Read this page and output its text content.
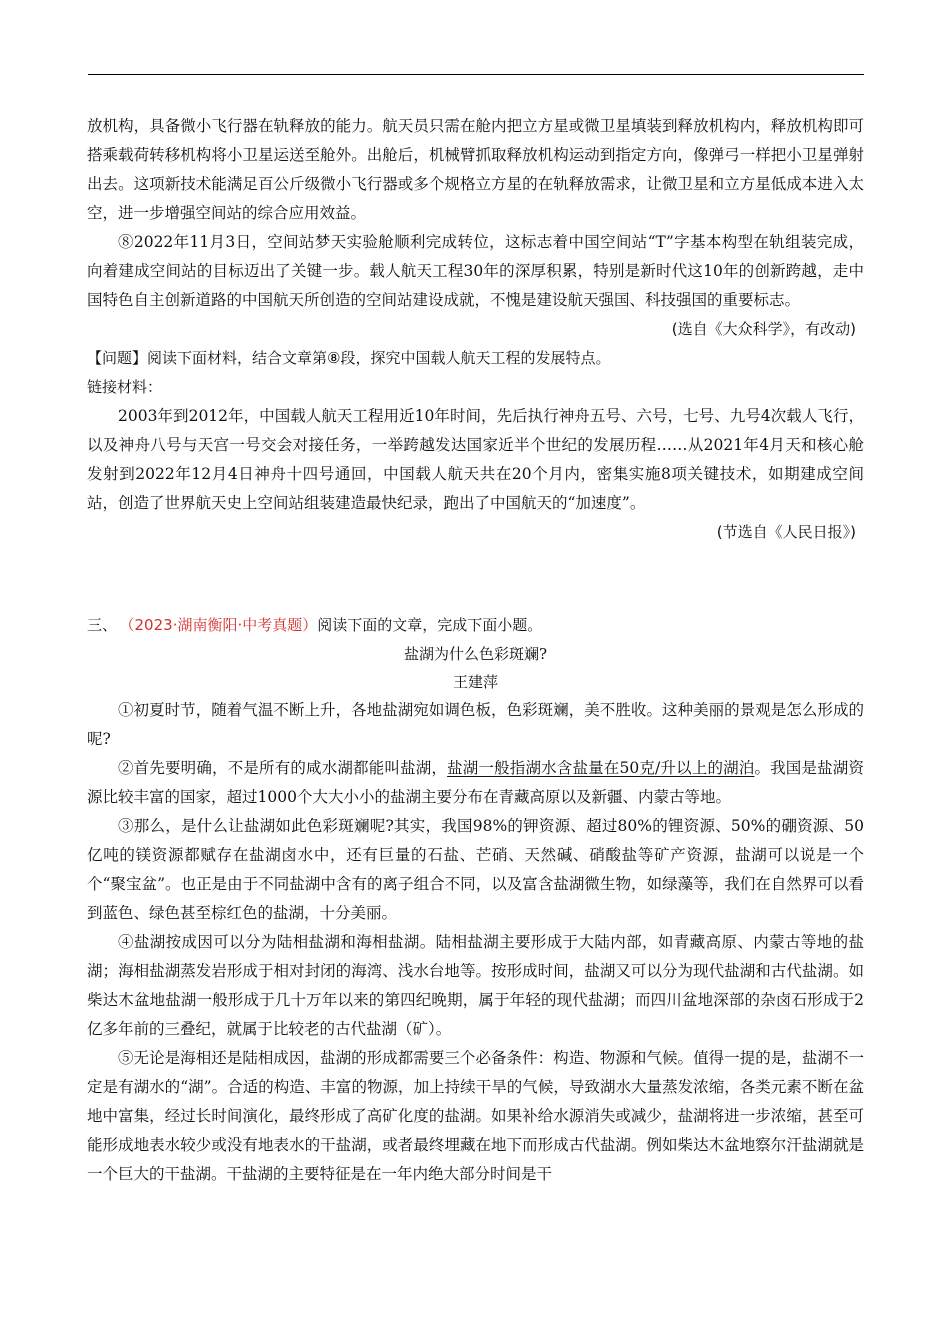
放机构，具备微小飞行器在轨释放的能力。航天员只需在舱内把立方星或微卫星填装到释放机构内，释放机构即可搭乘载荷转移机构将小卫星运送至舱外。出舱后，机械臂抓取释放机构运动到指定方向，像弹弓一样把小卫星弹射出去。这项新技术能满足百公斤级微小飞行器或多个规格立方星的在轨释放需求，让微卫星和立方星低成本进入太空，进一步增强空间站的综合应用效益。

⑧2022年11月3日，空间站梦天实验舱顺利完成转位，这标志着中国空间站“T”字基本构型在轨组装完成，向着建成空间站的目标迈出了关键一步。载人航天工程30年的深厚积累，特别是新时代这10年的创新跨越，走中国特色自主创新道路的中国航天所创造的空间站建设成就，不愧是建设航天强国、科技强国的重要标志。

(选自《大众科学》，有改动)

【问题】阅读下面材料，结合文章第⑧段，探究中国载人航天工程的发展特点。

链接材料：

2003年到2012年，中国载人航天工程用近10年时间，先后执行神舟五号、六号，七号、九号4次载人飞行，以及神舟八号与天宫一号交会对接任务，一举跨越发达国家近半个世纪的发展历程……从2021年4月天和核心舱发射到2022年12月4日神舟十四号通回，中国载人航天共在20个月内，密集实施8项关键技术，如期建成空间站，创造了世界航天史上空间站组装建造最快纪录，跑出了中国航天的“加速度”。

(节选自《人民日报》)

三、 （2023·湖南衡阳·中考真题）阅读下面的文章，完成下面小题。

盐湖为什么色彩斑斓?

王建萍

①初夏时节，随着气温不断上升，各地盐湖宛如调色板，色彩斑斓，美不胜收。这种美丽的景观是怎么形成的呢?

②首先要明确，不是所有的咸水湖都能叫盐湖，盐湖一般指湖水含盐量在50克/升以上的湖泊。我国是盐湖资源比较丰富的国家，超过1000个大大小小的盐湖主要分布在青藏高原以及新疆、内蒙古等地。

③那么，是什么让盐湖如此色彩斑斓呢?其实，我国98%的钾资源、超过80%的锂资源、50%的硼资源、50亿吨的镁资源都赋存在盐湖卤水中，还有巨量的石盐、芒硝、天然碱、硝酸盐等矿产资源，盐湖可以说是一个个“聚宝盆”。也正是由于不同盐湖中含有的离子组合不同，以及富含盐湖微生物，如绿藻等，我们在自然界可以看到蓝色、绿色甚至棕红色的盐湖，十分美丽。

④盐湖按成因可以分为陆相盐湖和海相盐湖。陆相盐湖主要形成于大陆内部，如青藏高原、内蒙古等地的盐湖；海相盐湖蒸发岩形成于相对封闭的海湾、浅水台地等。按形成时间，盐湖又可以分为现代盐湖和古代盐湖。如柴达木盆地盐湖一般形成于几十万年以来的第四纪晚期，属于年轻的现代盐湖；而四川盆地深部的杂卤石形成于2亿多年前的三叠纪，就属于比较老的古代盐湖（矿）。

⑤无论是海相还是陆相成因，盐湖的形成都需要三个必备条件：构造、物源和气候。值得一提的是，盐湖不一定是有湖水的“湖”。合适的构造、丰富的物源，加上持续干旱的气候，导致湖水大量蒸发浓缩，各类元素不断在盆地中富集，经过长时间演化，最终形成了高矿化度的盐湖。如果补给水源消失或减少，盐湖将进一步浓缩，甚至可能形成地表水较少或没有地表水的干盐湖，或者最终埋藏在地下而形成古代盐湖。例如柴达木盆地察尔汗盐湖就是一个巨大的干盐湖。干盐湖的主要特征是在一年内绝大部分时间是干
